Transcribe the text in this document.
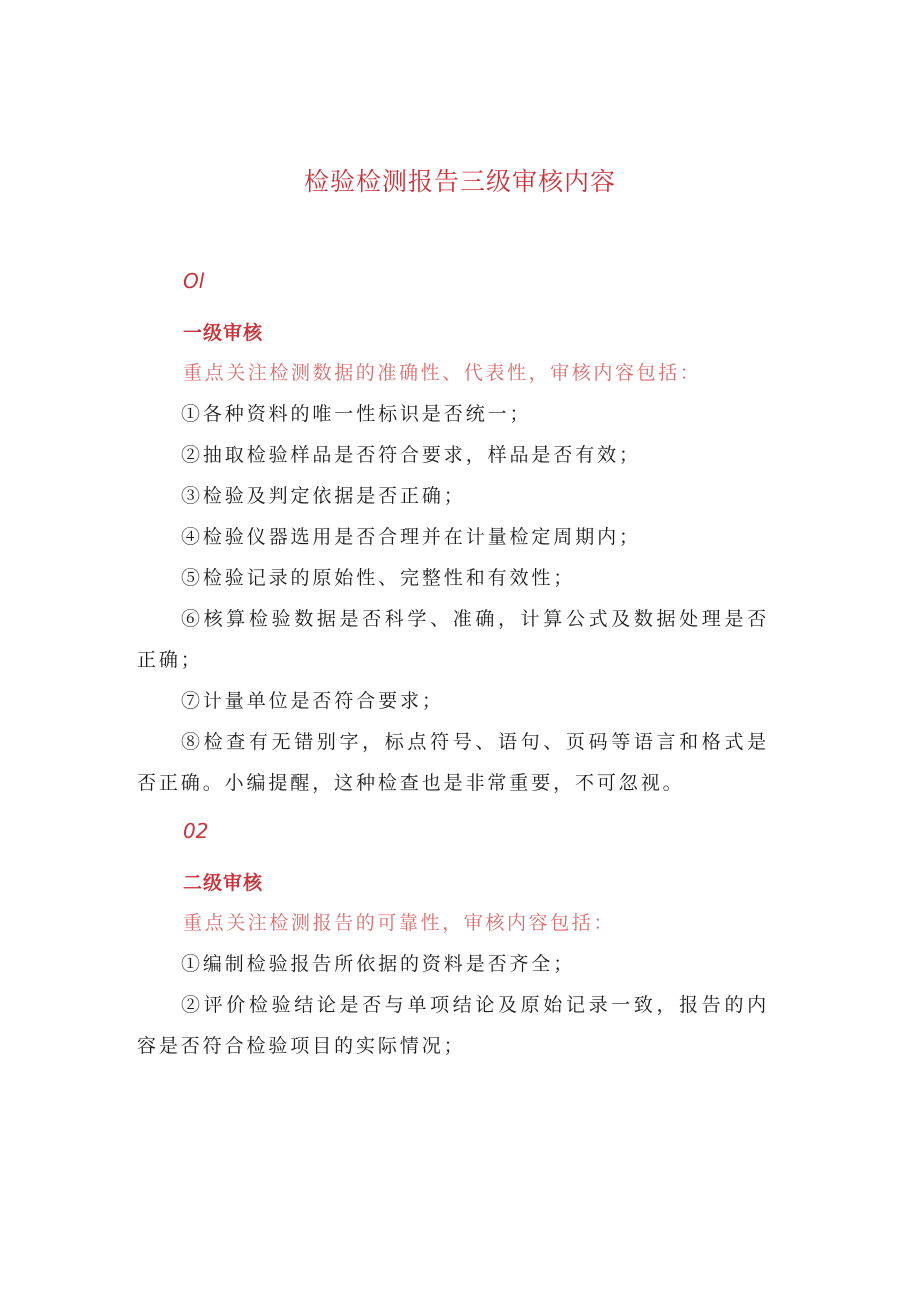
检验检测报告三级审核内容
Ol
一级审核
重点关注检测数据的准确性、代表性，审核内容包括：

①各种资料的唯一性标识是否统一；

②抽取检验样品是否符合要求，样品是否有效；

③检验及判定依据是否正确；

④检验仪器选用是否合理并在计量检定周期内；

⑤检验记录的原始性、完整性和有效性；

⑥核算检验数据是否科学、准确，计算公式及数据处理是否正确；

⑦计量单位是否符合要求；

⑧检查有无错别字，标点符号、语句、页码等语言和格式是否正确。小编提醒，这种检查也是非常重要，不可忽视。

02
二级审核
重点关注检测报告的可靠性，审核内容包括：

①编制检验报告所依据的资料是否齐全；

②评价检验结论是否与单项结论及原始记录一致，报告的内容是否符合检验项目的实际情况；
